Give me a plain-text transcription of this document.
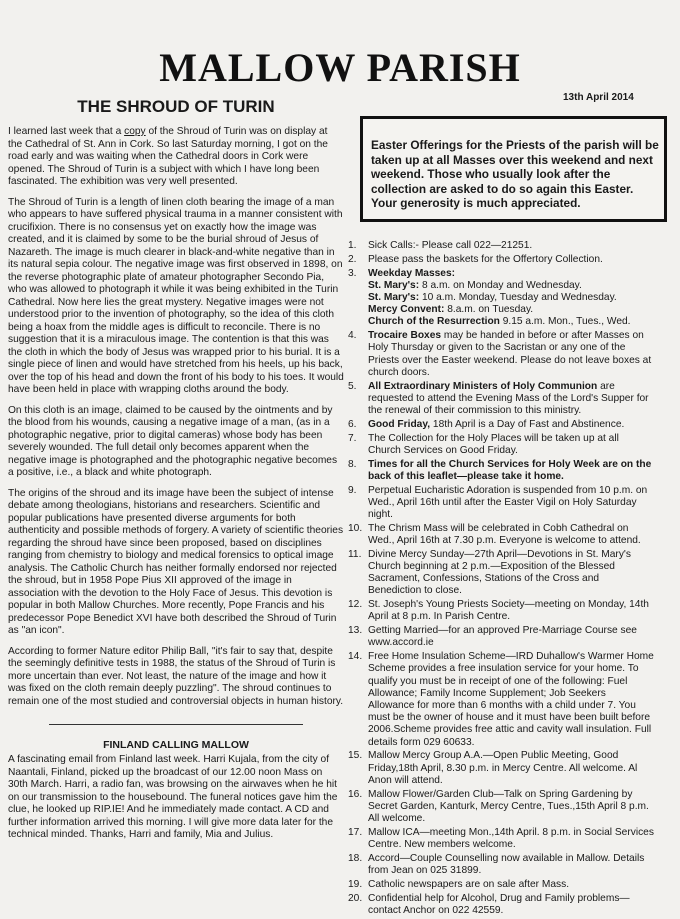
MALLOW PARISH
13th April 2014
THE SHROUD OF TURIN

I learned last week that a copy of the Shroud of Turin was on display at the Cathedral of St. Ann in Cork. So last Saturday morning, I got on the road early and was waiting when the Cathedral doors in Cork were opened. The Shroud of Turin is a subject with which I have long been fascinated. The exhibition was very well presented.

The Shroud of Turin is a length of linen cloth bearing the image of a man who appears to have suffered physical trauma in a manner consistent with crucifixion. There is no consensus yet on exactly how the image was created, and it is claimed by some to be the burial shroud of Jesus of Nazareth. The image is much clearer in black-and-white negative than in its natural sepia colour. The negative image was first observed in 1898, on the reverse photographic plate of amateur photographer Secondo Pia, who was allowed to photograph it while it was being exhibited in the Turin Cathedral. Now here lies the great mystery. Negative images were not understood prior to the invention of photography, so the idea of this cloth being a hoax from the middle ages is difficult to reconcile. There is no suggestion that it is a miraculous image. The contention is that this was the cloth in which the body of Jesus was wrapped prior to his burial. It is a single piece of linen and would have stretched from his heels, up his back, over the top of his head and down the front of his body to his toes. It would have been held in place with wrapping cloths around the body.

On this cloth is an image, claimed to be caused by the ointments and by the blood from his wounds, causing a negative image of a man, (as in a photographic negative, prior to digital cameras) whose body has been severely wounded. The full detail only becomes apparent when the negative image is photographed and the photographic negative becomes a positive, i.e., a black and white photograph.

The origins of the shroud and its image have been the subject of intense debate among theologians, historians and researchers. Scientific and popular publications have presented diverse arguments for both authenticity and possible methods of forgery. A variety of scientific theories regarding the shroud have since been proposed, based on disciplines ranging from chemistry to biology and medical forensics to optical image analysis. The Catholic Church has neither formally endorsed nor rejected the shroud, but in 1958 Pope Pius XII approved of the image in association with the devotion to the Holy Face of Jesus. This devotion is popular in both Mallow Churches. More recently, Pope Francis and his predecessor Pope Benedict XVI have both described the Shroud of Turin as "an icon".

According to former Nature editor Philip Ball, "it's fair to say that, despite the seemingly definitive tests in 1988, the status of the Shroud of Turin is more uncertain than ever. Not least, the nature of the image and how it was fixed on the cloth remain deeply puzzling". The shroud continues to remain one of the most studied and controversial objects in human history.

FINLAND CALLING MALLOW

A fascinating email from Finland last week. Harri Kujala, from the city of Naantali, Finland, picked up the broadcast of our 12.00 noon Mass on 30th March. Harri, a radio fan, was browsing on the airwaves when he hit on our transmission to the housebound. The funeral notices gave him the clue, he looked up RIP.IE! And he immediately made contact. A CD and further information arrived this morning. I will give more data later for the technical minded. Thanks, Harri and family, Mia and Julius.

Easter Offerings for the Priests of the parish will be taken up at all Masses over this weekend and next weekend. Those who usually look after the collection are asked to do so again this Easter. Your generosity is much appreciated.
1. Sick Calls:- Please call 022—21251.
2. Please pass the baskets for the Offertory Collection.
3. Weekday Masses:
St. Mary's: 8 a.m. on Monday and Wednesday.
St. Mary's: 10 a.m. Monday, Tuesday and Wednesday.
Mercy Convent: 8.a.m. on Tuesday.
Church of the Resurrection 9.15 a.m. Mon., Tues., Wed.
4. Trocaire Boxes may be handed in before or after Masses on Holy Thursday or given to the Sacristan or any one of the Priests over the Easter weekend. Please do not leave boxes at church doors.
5. All Extraordinary Ministers of Holy Communion are requested to attend the Evening Mass of the Lord's Supper for the renewal of their commission to this ministry.
6. Good Friday, 18th April is a Day of Fast and Abstinence.
7. The Collection for the Holy Places will be taken up at all Church Services on Good Friday.
8. Times for all the Church Services for Holy Week are on the back of this leaflet—please take it home.
9. Perpetual Eucharistic Adoration is suspended from 10 p.m. on Wed., April 16th until after the Easter Vigil on Holy Saturday night.
10. The Chrism Mass will be celebrated in Cobh Cathedral on Wed., April 16th at 7.30 p.m. Everyone is welcome to attend.
11. Divine Mercy Sunday—27th April—Devotions in St. Mary's Church beginning at 2 p.m.—Exposition of the Blessed Sacrament, Confessions, Stations of the Cross and Benediction to close.
12. St. Joseph's Young Priests Society—meeting on Monday, 14th April at 8 p.m. In Parish Centre.
13. Getting Married—for an approved Pre-Marriage Course see www.accord.ie
14. Free Home Insulation Scheme—IRD Duhallow's Warmer Home Scheme provides a free insulation service for your home. To qualify you must be in receipt of one of the following: Fuel Allowance; Family Income Supplement; Job Seekers Allowance for more than 6 months with a child under 7. You must be the owner of house and it must have been built before 2006.Scheme provides free attic and cavity wall insulation. Full details form 029 60633.
15. Mallow Mercy Group A.A.—Open Public Meeting, Good Friday,18th April, 8.30 p.m. in Mercy Centre. All welcome. Al Anon will attend.
16. Mallow Flower/Garden Club—Talk on Spring Gardening by Secret Garden, Kanturk, Mercy Centre, Tues.,15th April 8 p.m. All welcome.
17. Mallow ICA—meeting Mon.,14th April. 8 p.m. in Social Services Centre. New members welcome.
18. Accord—Couple Counselling now available in Mallow. Details from Jean on 025 31899.
19. Catholic newspapers are on sale after Mass.
20. Confidential help for Alcohol, Drug and Family problems—contact Anchor on 022 42559.
